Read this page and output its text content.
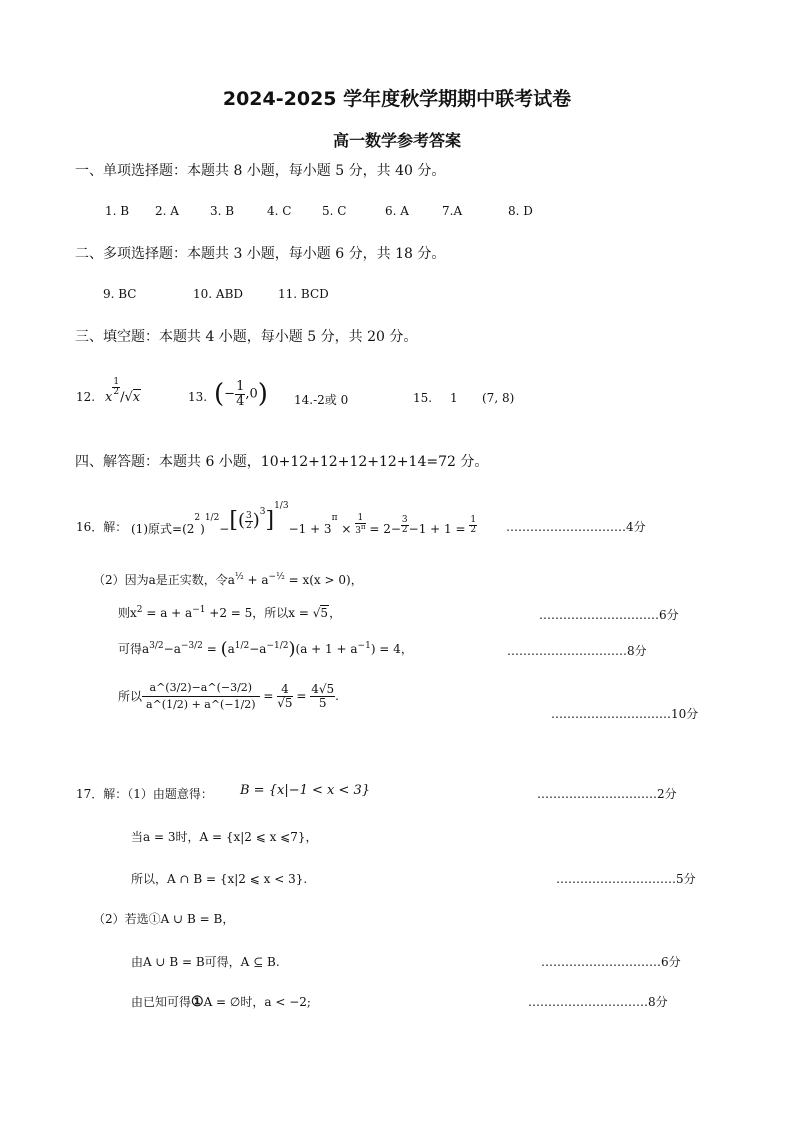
2024-2025 学年度秋学期期中联考试卷
高一数学参考答案
一、单项选择题：本题共 8 小题，每小题 5 分，共 40 分。
1. B 2. A	3. B	4. C	5. C	6. A	7.A	8. D
二、多项选择题：本题共 3 小题，每小题 6 分，共 18 分。
9. BC	10. ABD	11. BCD
三、填空题：本题共 4 小题，每小题 5 分，共 20 分。
12. x $\frac{1}{2} /√x$	13. (− $\frac{1}{4} ,0$) 14.-2或 0	15. 1 (7, 8)
四、解答题：本题共 6 小题，10+12+12+12+12+14=72 分。
16．解： (1)原式$=(2^2)^{1/2}-[( \frac{3}{2} )^3]^{1/3}-1 + 3^\pi \times \frac{1}{3^\pi} = 2- \frac{3}{2} -1 + 1 = \frac{1}{2}$ …………………………4分
（2）因为a是正实数，令$a^{\frac{1}{2}} + a^{-\frac{1}{2}} = x(x > 0)$，
则$x^2 = a + a^{-1} +2 = 5$，所以x = √5，	…………………………6分
可得$a^{3/2}-a^{-3/2} = (a^{1/2}-a^{-1/2})(a + 1 + a^{-1}) = 4$，	…………………………8分
所以 $\frac{a\^{}(3/2)-a\^{}(-3/2)}{a\^{}(1/2) + a\^{}(-1/2)} = \frac{4}{√5} = \frac{4√5}{5}$ .
…………………………10分
17．解：（1）由题意得： B = {x|−1 < x < 3}	…………………………2分
当a = 3时，A = {x|2 ⩽ x ⩽7}，
所以，A ∩ B = {x|2 ⩽ x < 3}.	…………………………5分
（2）若选①A ∪ B = B，
由A ∪ B = B可得，A ⊆ B.	…………………………6分
由已知可得①A = ∅时，a < −2;	…………………………8分
